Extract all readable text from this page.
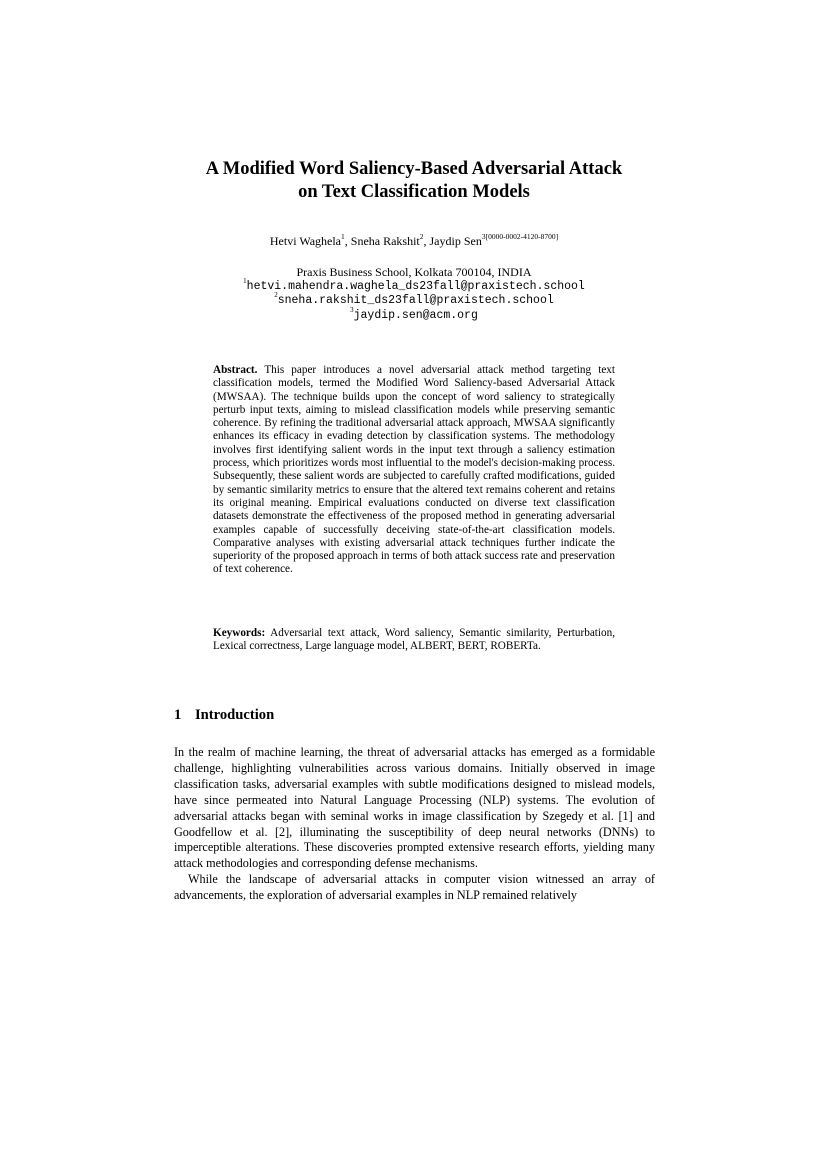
A Modified Word Saliency-Based Adversarial Attack
on Text Classification Models
Hetvi Waghela$^1$, Sneha Rakshit$^2$, Jaydip Sen$^{3[0000-0002-4120-8700]}$
Praxis Business School, Kolkata 700104, INDIA
$^1$hetvi.mahendra.waghela_ds23fall@praxistech.school
$^2$sneha.rakshit_ds23fall@praxistech.school
$^3$jaydip.sen@acm.org
Abstract. This paper introduces a novel adversarial attack method targeting text classification models, termed the Modified Word Saliency-based Adversarial Attack (MWSAA). The technique builds upon the concept of word saliency to strategically perturb input texts, aiming to mislead classification models while preserving semantic coherence. By refining the traditional adversarial attack approach, MWSAA significantly enhances its efficacy in evading detection by classification systems. The methodology involves first identifying salient words in the input text through a saliency estimation process, which prioritizes words most influential to the model's decision-making process. Subsequently, these salient words are subjected to carefully crafted modifications, guided by semantic similarity metrics to ensure that the altered text remains coherent and retains its original meaning. Empirical evaluations conducted on diverse text classification datasets demonstrate the effectiveness of the proposed method in generating adversarial examples capable of successfully deceiving state-of-the-art classification models. Comparative analyses with existing adversarial attack techniques further indicate the superiority of the proposed approach in terms of both attack success rate and preservation of text coherence.
Keywords: Adversarial text attack, Word saliency, Semantic similarity, Perturbation, Lexical correctness, Large language model, ALBERT, BERT, ROBERTa.
1 Introduction

In the realm of machine learning, the threat of adversarial attacks has emerged as a formidable challenge, highlighting vulnerabilities across various domains. Initially observed in image classification tasks, adversarial examples with subtle modifications designed to mislead models, have since permeated into Natural Language Processing (NLP) systems. The evolution of adversarial attacks began with seminal works in image classification by Szegedy et al. [1] and Goodfellow et al. [2], illuminating the susceptibility of deep neural networks (DNNs) to imperceptible alterations. These discoveries prompted extensive research efforts, yielding many attack methodologies and corresponding defense mechanisms.

While the landscape of adversarial attacks in computer vision witnessed an array of advancements, the exploration of adversarial examples in NLP remained relatively
